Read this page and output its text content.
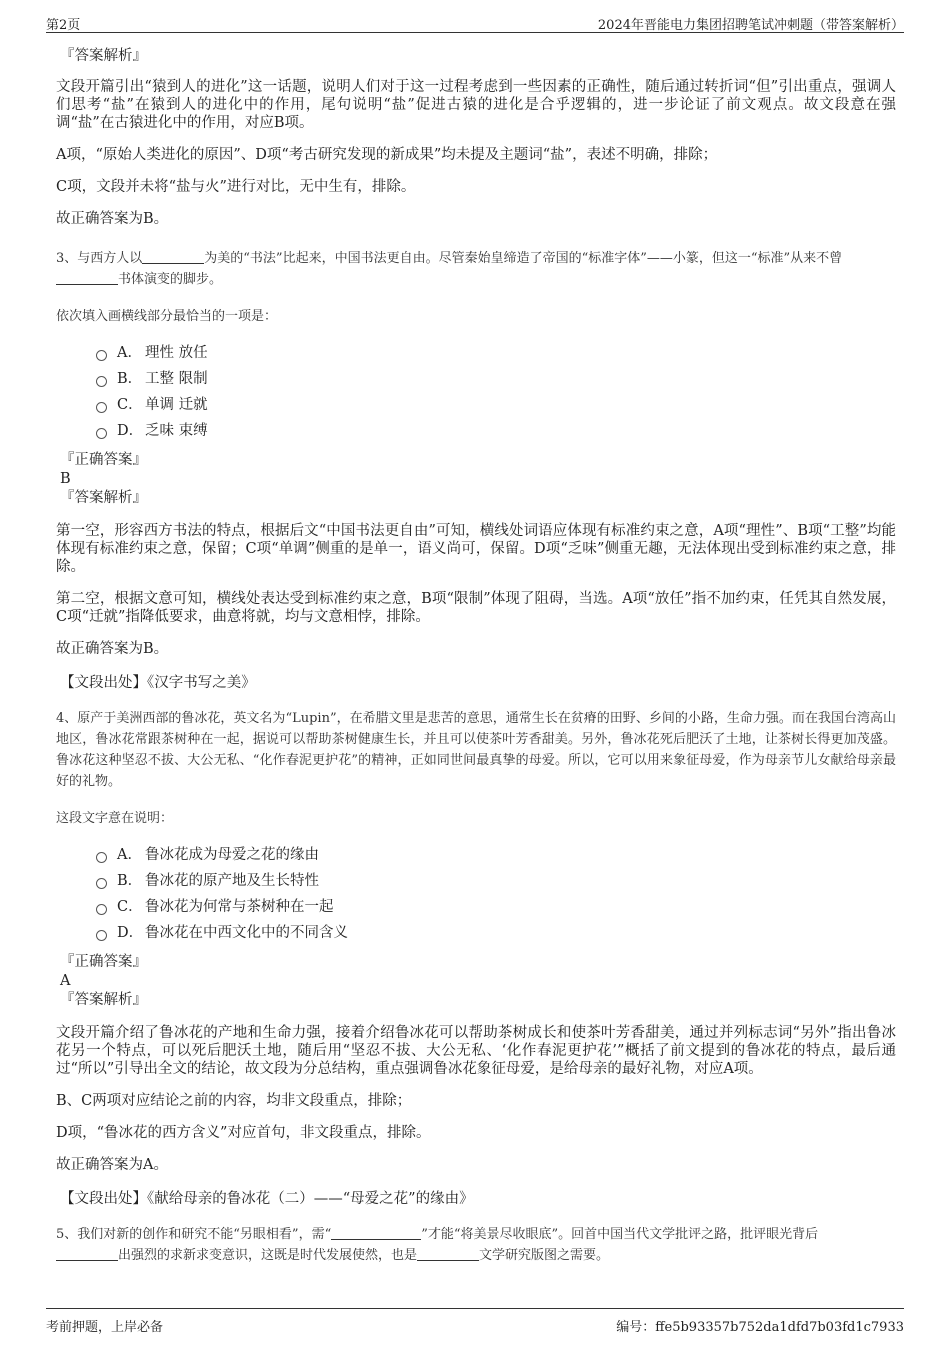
第2页	2024年晋能电力集团招聘笔试冲刺题（带答案解析）
『答案解析』

文段开篇引出“猿到人的进化”这一话题，说明人们对于这一过程考虑到一些因素的正确性，随后通过转折词“但”引出重点，强调人们思考“盐”在猿到人的进化中的作用，尾句说明“盐”促进古猿的进化是合乎逻辑的，进一步论证了前文观点。故文段意在强调“盐”在古猿进化中的作用，对应B项。

A项，“原始人类进化的原因”、D项“考古研究发现的新成果”均未提及主题词“盐”，表述不明确，排除；

C项，文段并未将“盐与火”进行对比，无中生有，排除。

故正确答案为B。

3、与西方人以	为美的“书法”比起来，中国书法更自由。尽管秦始皇缔造了帝国的“标准字体”——小篆，但这一“标准”从来不曾
书体演变的脚步。

依次填入画横线部分最恰当的一项是：

A． 理性 放任
B． 工整 限制
C． 单调 迁就
D． 乏味 束缚
『正确答案』
B
『答案解析』

第一空，形容西方书法的特点，根据后文“中国书法更自由”可知，横线处词语应体现有标准约束之意，A项“理性”、B项“工整”均能体现有标准约束之意，保留；C项“单调”侧重的是单一，语义尚可，保留。D项“乏味”侧重无趣，无法体现出受到标准约束之意，排除。

第二空，根据文意可知，横线处表达受到标准约束之意，B项“限制”体现了阻碍，当选。A项“放任”指不加约束，任凭其自然发展，C项“迁就”指降低要求，曲意将就，均与文意相悖，排除。

故正确答案为B。

【文段出处】《汉字书写之美》

4、原产于美洲西部的鲁冰花，英文名为“Lupin”，在希腊文里是悲苦的意思，通常生长在贫瘠的田野、乡间的小路，生命力强。而在我国台湾高山地区，鲁冰花常跟茶树种在一起，据说可以帮助茶树健康生长，并且可以使茶叶芳香甜美。另外，鲁冰花死后肥沃了土地，让茶树长得更加茂盛。鲁冰花这种坚忍不拔、大公无私、“化作春泥更护花”的精神，正如同世间最真挚的母爱。所以，它可以用来象征母爱，作为母亲节儿女献给母亲最好的礼物。

这段文字意在说明：

A． 鲁冰花成为母爱之花的缘由
B． 鲁冰花的原产地及生长特性
C． 鲁冰花为何常与茶树种在一起
D． 鲁冰花在中西文化中的不同含义
『正确答案』
A
『答案解析』

文段开篇介绍了鲁冰花的产地和生命力强，接着介绍鲁冰花可以帮助茶树成长和使茶叶芳香甜美，通过并列标志词“另外”指出鲁冰花另一个特点，可以死后肥沃土地，随后用“坚忍不拔、大公无私、‘化作春泥更护花’”概括了前文提到的鲁冰花的特点，最后通过“所以”引导出全文的结论，故文段为分总结构，重点强调鲁冰花象征母爱，是给母亲的最好礼物，对应A项。

B、C两项对应结论之前的内容，均非文段重点，排除；

D项，“鲁冰花的西方含义”对应首句，非文段重点，排除。

故正确答案为A。

【文段出处】《献给母亲的鲁冰花（二）——“母爱之花”的缘由》

5、我们对新的创作和研究不能“另眼相看”，需“	”才能“将美景尽收眼底”。回首中国当代文学批评之路，批评眼光背后
出强烈的求新求变意识，这既是时代发展使然，也是	文学研究版图之需要。

考前押题，上岸必备	编号：ffe5b93357b752da1dfd7b03fd1c7933
